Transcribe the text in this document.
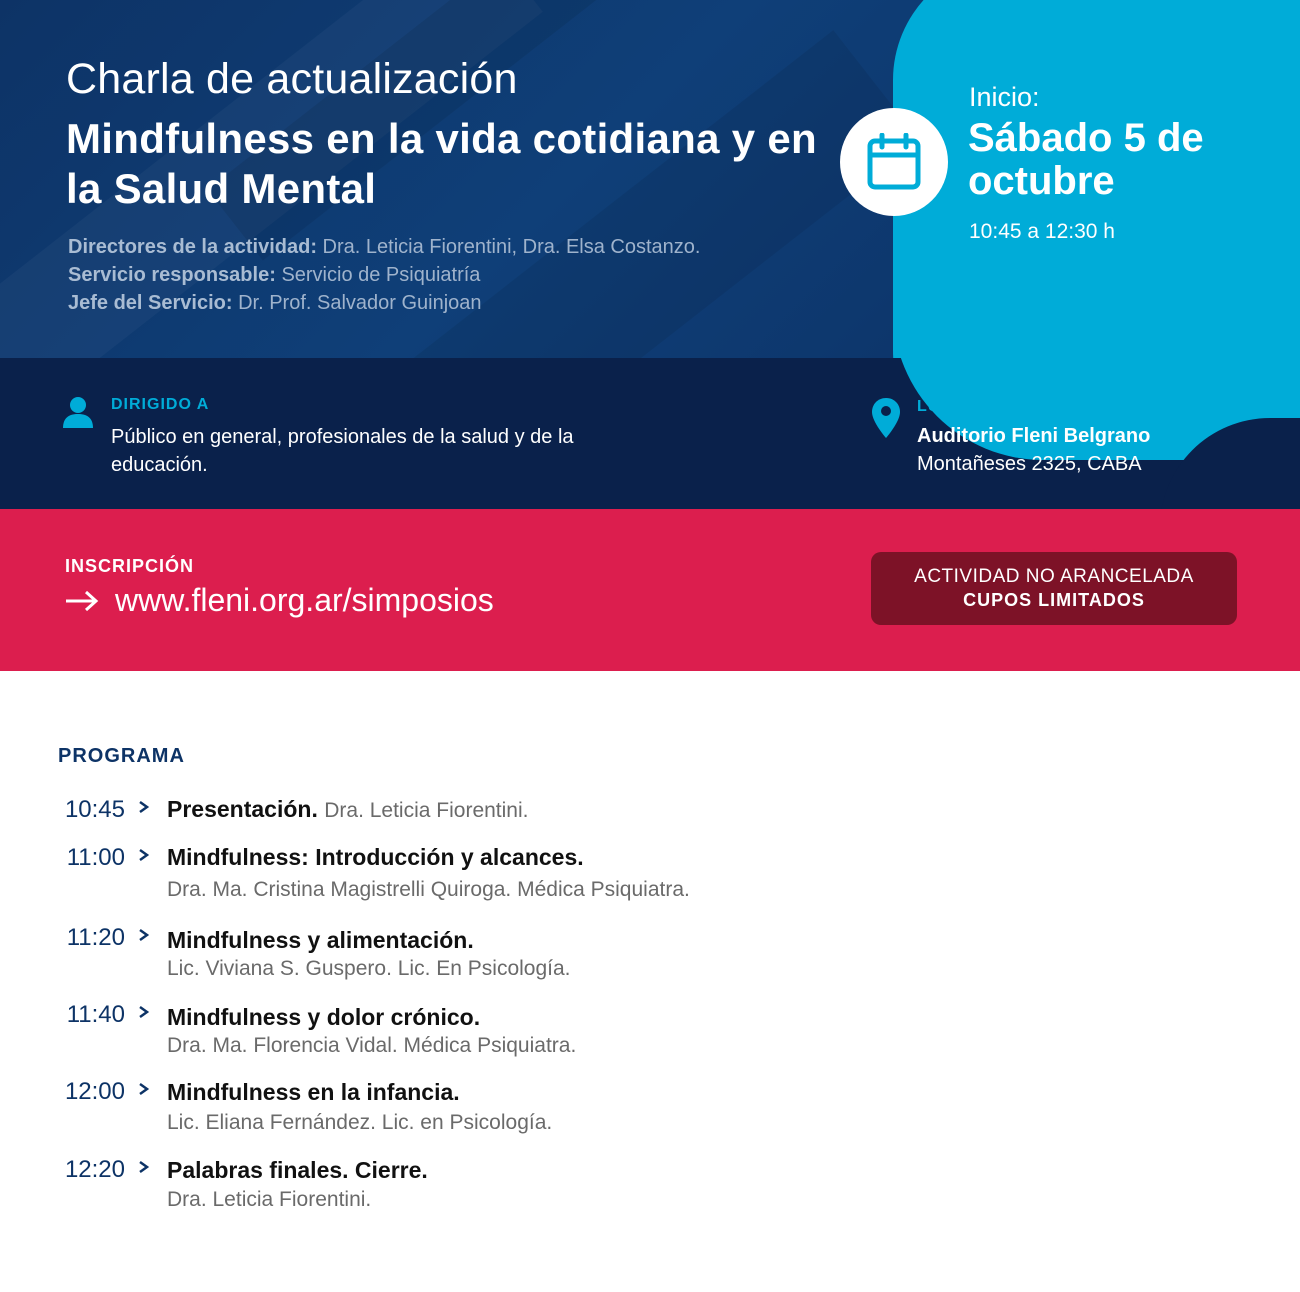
Charla de actualización
Mindfulness en la vida cotidiana y en la Salud Mental
Directores de la actividad: Dra. Leticia Fiorentini, Dra. Elsa Costanzo.
Servicio responsable: Servicio de Psiquiatría
Jefe del Servicio: Dr. Prof. Salvador Guinjoan
Inicio:
Sábado 5 de octubre
10:45 a 12:30 h
DIRIGIDO A
Público en general, profesionales de la salud y de la educación.
LUGAR
Auditorio Fleni Belgrano
Montañeses 2325, CABA
INSCRIPCIÓN
www.fleni.org.ar/simposios
ACTIVIDAD NO ARANCELADA
CUPOS LIMITADOS
PROGRAMA
10:45 Presentación. Dra. Leticia Fiorentini.
11:00 Mindfulness: Introducción y alcances.
Dra. Ma. Cristina Magistrelli Quiroga. Médica Psiquiatra.
11:20 Mindfulness y alimentación.
Lic. Viviana S. Guspero. Lic. En Psicología.
11:40 Mindfulness y dolor crónico.
Dra. Ma. Florencia Vidal. Médica Psiquiatra.
12:00 Mindfulness en la infancia.
Lic. Eliana Fernández. Lic. en Psicología.
12:20 Palabras finales. Cierre.
Dra. Leticia Fiorentini.
